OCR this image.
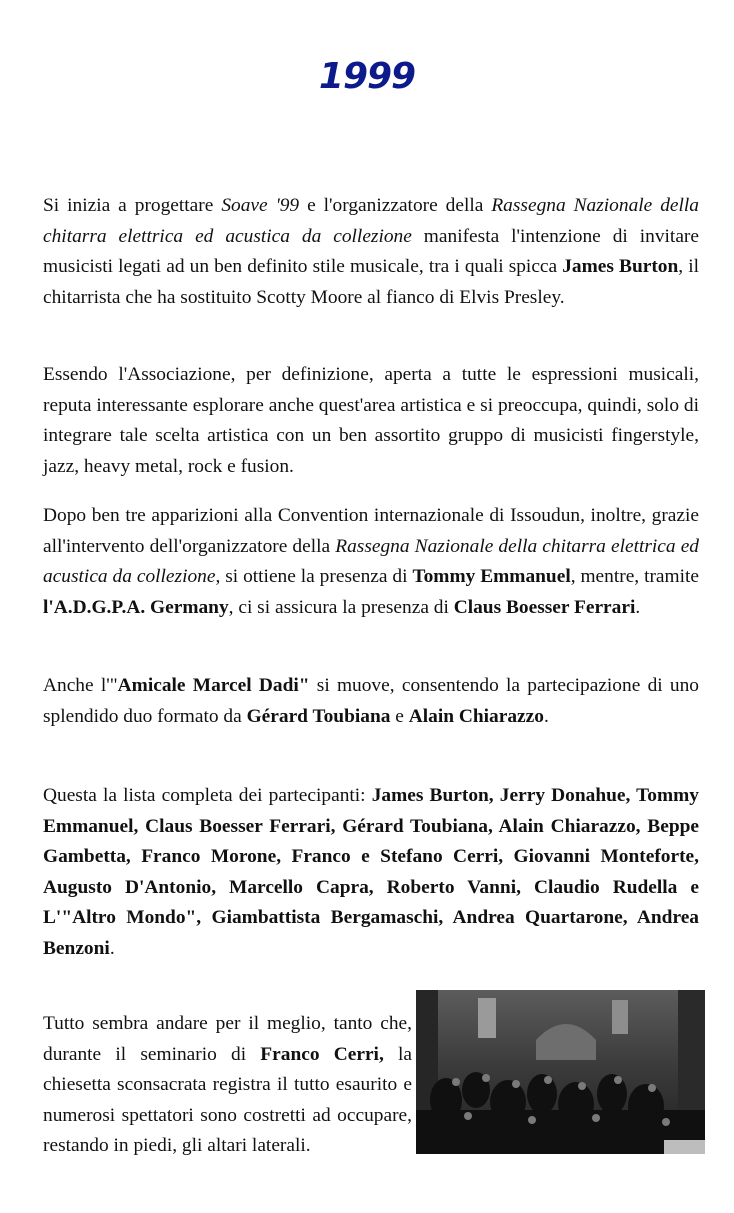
1999

Si inizia a progettare Soave '99 e l'organizzatore della Rassegna Nazionale della chitarra elettrica ed acustica da collezione manifesta l'intenzione di invitare musicisti legati ad un ben definito stile musicale, tra i quali spicca James Burton, il chitarrista che ha sostituito Scotty Moore al fianco di Elvis Presley.

Essendo l'Associazione, per definizione, aperta a tutte le espressioni musicali, reputa interessante esplorare anche quest'area artistica e si preoccupa, quindi, solo di integrare tale scelta artistica con un ben assortito gruppo di musicisti fingerstyle, jazz, heavy metal, rock e fusion.

Dopo ben tre apparizioni alla Convention internazionale di Issoudun, inoltre, grazie all'intervento dell'organizzatore della Rassegna Nazionale della chitarra elettrica ed acustica da collezione, si ottiene la presenza di Tommy Emmanuel, mentre, tramite l'A.D.G.P.A. Germany, ci si assicura la presenza di Claus Boesser Ferrari.

Anche l'"Amicale Marcel Dadi" si muove, consentendo la partecipazione di uno splendido duo formato da Gérard Toubiana e Alain Chiarazzo.

Questa la lista completa dei partecipanti: James Burton, Jerry Donahue, Tommy Emmanuel, Claus Boesser Ferrari, Gérard Toubiana, Alain Chiarazzo, Beppe Gambetta, Franco Morone, Franco e Stefano Cerri, Giovanni Monteforte, Augusto D'Antonio, Marcello Capra, Roberto Vanni, Claudio Rudella e L'"Altro Mondo", Giambattista Bergamaschi, Andrea Quartarone, Andrea Benzoni.

Tutto sembra andare per il meglio, tanto che, durante il seminario di Franco Cerri, la chiesetta sconsacrata registra il tutto esaurito e numerosi spettatori sono costretti ad occupare, restando in piedi, gli altari laterali.
